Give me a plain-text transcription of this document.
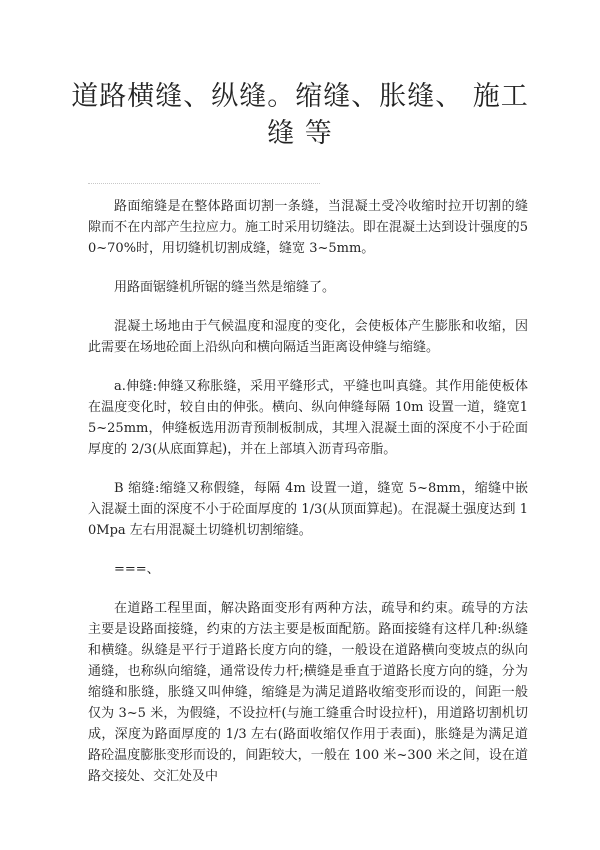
道路横缝、纵缝。缩缝、胀缝、 施工缝 等

路面缩缝是在整体路面切割一条缝，当混凝土受冷收缩时拉开切割的缝隙而不在内部产生拉应力。施工时采用切缝法。即在混凝土达到设计强度的50~70%时，用切缝机切割成缝，缝宽 3~5mm。

用路面锯缝机所锯的缝当然是缩缝了。

混凝土场地由于气候温度和湿度的变化，会使板体产生膨胀和收缩，因此需要在场地砼面上沿纵向和横向隔适当距离设伸缝与缩缝。

a.伸缝:伸缝又称胀缝，采用平缝形式，平缝也叫真缝。其作用能使板体在温度变化时，较自由的伸张。横向、纵向伸缝每隔 10m 设置一道，缝宽15~25mm，伸缝板选用沥青预制板制成，其埋入混凝土面的深度不小于砼面厚度的 2/3(从底面算起)，并在上部填入沥青玛帝脂。

B 缩缝:缩缝又称假缝，每隔 4m 设置一道，缝宽 5~8mm，缩缝中嵌入混凝土面的深度不小于砼面厚度的 1/3(从顶面算起)。在混凝土强度达到 10Mpa 左右用混凝土切缝机切割缩缝。

===、

在道路工程里面，解决路面变形有两种方法，疏导和约束。疏导的方法主要是设路面接缝，约束的方法主要是板面配筋。路面接缝有这样几种:纵缝和横缝。纵缝是平行于道路长度方向的缝，一般设在道路横向变坡点的纵向通缝，也称纵向缩缝，通常设传力杆;横缝是垂直于道路长度方向的缝，分为缩缝和胀缝，胀缝又叫伸缝，缩缝是为满足道路收缩变形而设的，间距一般仅为 3~5 米，为假缝，不设拉杆(与施工缝重合时设拉杆)，用道路切割机切成，深度为路面厚度的 1/3 左右(路面收缩仅作用于表面)，胀缝是为满足道路砼温度膨胀变形而设的，间距较大，一般在 100 米~300 米之间，设在道路交接处、交汇处及中
